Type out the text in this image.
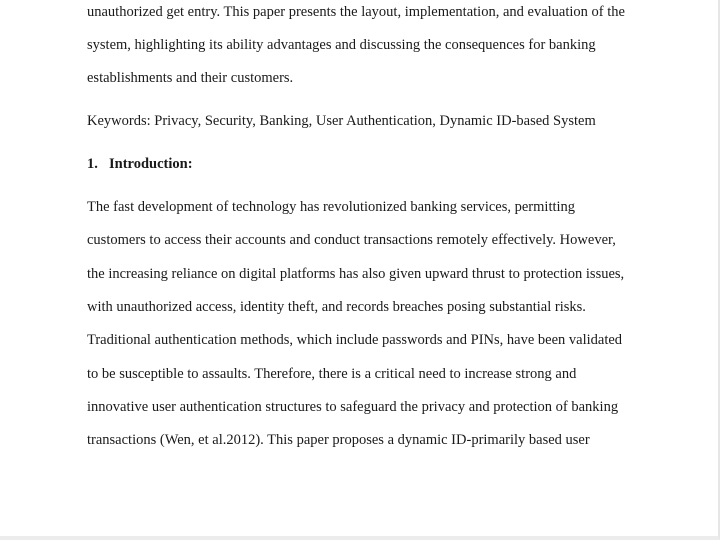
unauthorized get entry. This paper presents the layout, implementation, and evaluation of the
system, highlighting its ability advantages and discussing the consequences for banking
establishments and their customers.
Keywords: Privacy, Security, Banking, User Authentication, Dynamic ID-based System
1. Introduction:
The fast development of technology has revolutionized banking services, permitting
customers to access their accounts and conduct transactions remotely effectively. However,
the increasing reliance on digital platforms has also given upward thrust to protection issues,
with unauthorized access, identity theft, and records breaches posing substantial risks.
Traditional authentication methods, which include passwords and PINs, have been validated
to be susceptible to assaults. Therefore, there is a critical need to increase strong and
innovative user authentication structures to safeguard the privacy and protection of banking
transactions (Wen, et al.2012). This paper proposes a dynamic ID-primarily based user
